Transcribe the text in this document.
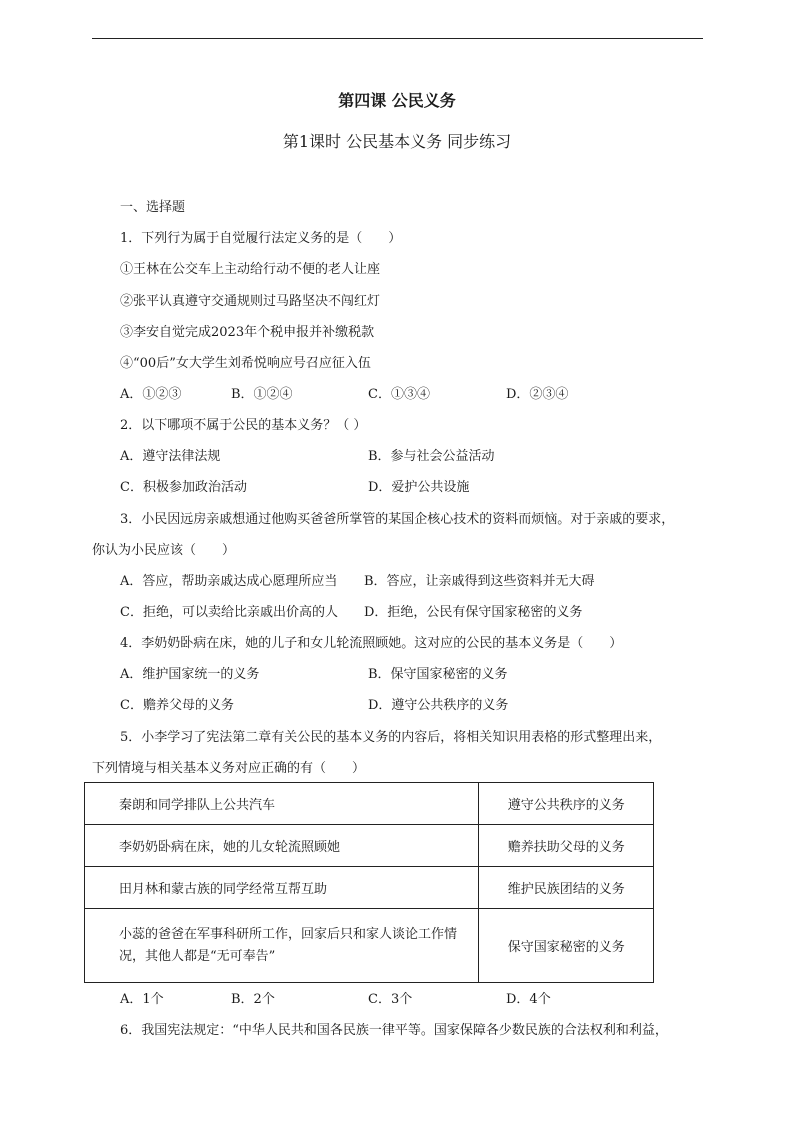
第四课 公民义务
第1课时 公民基本义务 同步练习
一、选择题
1．下列行为属于自觉履行法定义务的是（　　）
①王林在公交车上主动给行动不便的老人让座
②张平认真遵守交通规则过马路坚决不闯红灯
③李安自觉完成2023年个税申报并补缴税款
④“00后”女大学生刘希悦响应号召应征入伍
A．①②③	B．①②④	C．①③④	D．②③④
2．以下哪项不属于公民的基本义务？（ ）
A．遵守法律法规	B．参与社会公益活动
C．积极参加政治活动	D．爱护公共设施
3．小民因远房亲戚想通过他购买爸爸所掌管的某国企核心技术的资料而烦恼。对于亲戚的要求，
你认为小民应该（　　）
A．答应，帮助亲戚达成心愿理所应当 B．答应，让亲戚得到这些资料并无大碍
C．拒绝，可以卖给比亲戚出价高的人 D．拒绝，公民有保守国家秘密的义务
4．李奶奶卧病在床，她的儿子和女儿轮流照顾她。这对应的公民的基本义务是（　　）
A．维护国家统一的义务	B．保守国家秘密的义务
C．赡养父母的义务	D．遵守公共秩序的义务
5．小李学习了宪法第二章有关公民的基本义务的内容后，将相关知识用表格的形式整理出来，
下列情境与相关基本义务对应正确的有（　　）
秦朗和同学排队上公共汽车	遵守公共秩序的义务
李奶奶卧病在床，她的儿女轮流照顾她	赡养扶助父母的义务
田月林和蒙古族的同学经常互帮互助	维护民族团结的义务

小蕊的爸爸在军事科研所工作，回家后只和家人谈论工作情况，其他人都是“无可奉告”	保守国家秘密的义务
A．1个	B．2个	C．3个	D．4个
6．我国宪法规定：“中华人民共和国各民族一律平等。国家保障各少数民族的合法权利和利益，
